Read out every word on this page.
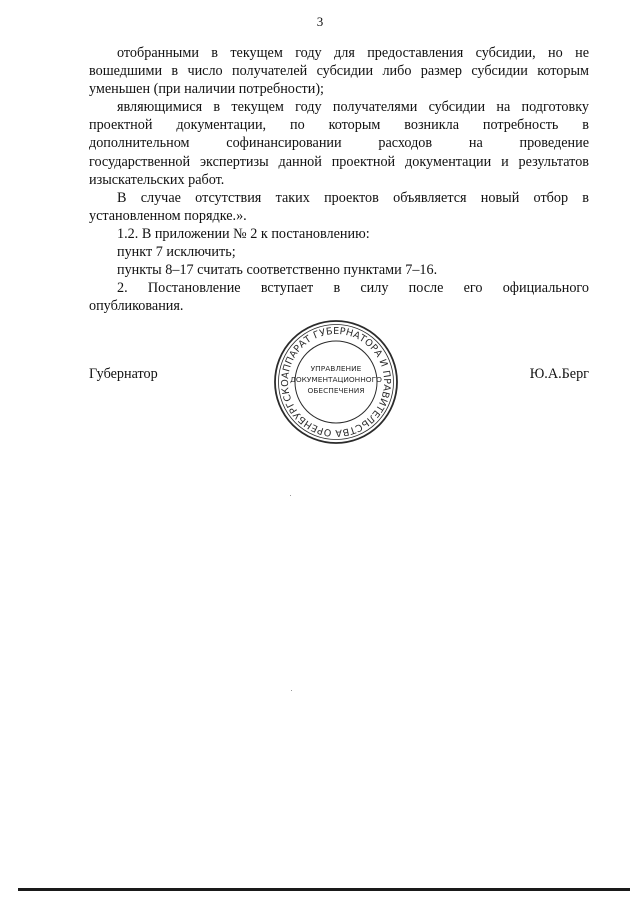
3

отобранными в текущем году для предоставления субсидии, но не

вошедшими в число получателей субсидии либо размер субсидии которым

уменьшен (при наличии потребности);

являющимися в текущем году получателями субсидии на подготовку

проектной документации, по которым возникла потребность в

дополнительном софинансировании расходов на проведение

государственной экспертизы данной проектной документации и результатов

изыскательских работ.

В случае отсутствия таких проектов объявляется новый отбор в

установленном порядке.».

1.2. В приложении № 2 к постановлению:

пункт 7 исключить;

пункты 8–17 считать соответственно пунктами 7–16.

2. Постановление вступает в силу после его официального

опубликования.

Губернатор	Ю.А.Берг
АППАРАТ ГУБЕРНАТОРА И ПРАВИТЕЛЬСТВА ОРЕНБУРГСКО
УПРАВЛЕНИЕ
ДОКУМЕНТАЦИОННОГО
ОБЕСПЕЧЕНИЯ
